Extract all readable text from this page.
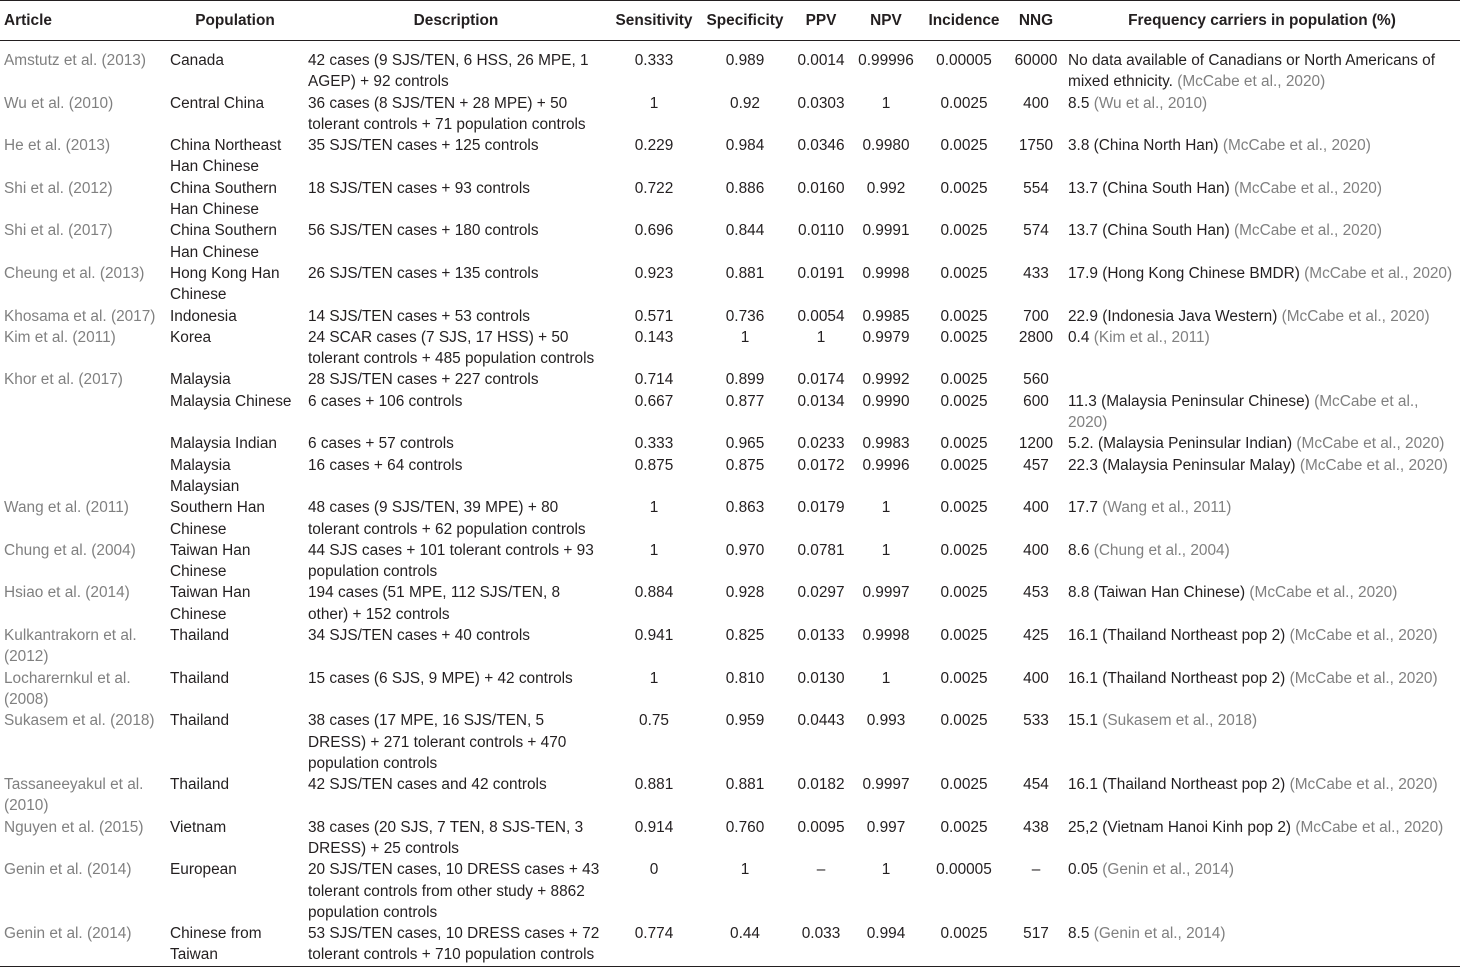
Article	Population	Description	Sensitivity	Specificity	PPV	NPV	Incidence	NNG	Frequency carriers in population (%)
Amstutz et al. (2013)	Canada	42 cases (9 SJS/TEN, 6 HSS, 26 MPE, 1 AGEP) + 92 controls	0.333	0.989	0.0014	0.99996	0.00005	60000	No data available of Canadians or North Americans of mixed ethnicity. (McCabe et al., 2020)
Wu et al. (2010)	Central China	36 cases (8 SJS/TEN + 28 MPE) + 50 tolerant controls + 71 population controls	1	0.92	0.0303	1	0.0025	400	8.5 (Wu et al., 2010)
He et al. (2013)	China Northeast Han Chinese	35 SJS/TEN cases + 125 controls	0.229	0.984	0.0346	0.9980	0.0025	1750	3.8 (China North Han) (McCabe et al., 2020)
Shi et al. (2012)	China Southern Han Chinese	18 SJS/TEN cases + 93 controls	0.722	0.886	0.0160	0.992	0.0025	554	13.7 (China South Han) (McCabe et al., 2020)
Shi et al. (2017)	China Southern Han Chinese	56 SJS/TEN cases + 180 controls	0.696	0.844	0.0110	0.9991	0.0025	574	13.7 (China South Han) (McCabe et al., 2020)
Cheung et al. (2013)	Hong Kong Han Chinese	26 SJS/TEN cases + 135 controls	0.923	0.881	0.0191	0.9998	0.0025	433	17.9 (Hong Kong Chinese BMDR) (McCabe et al., 2020)
Khosama et al. (2017)	Indonesia	14 SJS/TEN cases + 53 controls	0.571	0.736	0.0054	0.9985	0.0025	700	22.9 (Indonesia Java Western) (McCabe et al., 2020)
Kim et al. (2011)	Korea	24 SCAR cases (7 SJS, 17 HSS) + 50 tolerant controls + 485 population controls	0.143	1	1	0.9979	0.0025	2800	0.4 (Kim et al., 2011)
Khor et al. (2017)	Malaysia	28 SJS/TEN cases + 227 controls	0.714	0.899	0.0174	0.9992	0.0025	560	
	Malaysia Chinese	6 cases + 106 controls	0.667	0.877	0.0134	0.9990	0.0025	600	11.3 (Malaysia Peninsular Chinese) (McCabe et al., 2020)
	Malaysia Indian	6 cases + 57 controls	0.333	0.965	0.0233	0.9983	0.0025	1200	5.2. (Malaysia Peninsular Indian) (McCabe et al., 2020)
	Malaysia Malaysian	16 cases + 64 controls	0.875	0.875	0.0172	0.9996	0.0025	457	22.3 (Malaysia Peninsular Malay) (McCabe et al., 2020)
Wang et al. (2011)	Southern Han Chinese	48 cases (9 SJS/TEN, 39 MPE) + 80 tolerant controls + 62 population controls	1	0.863	0.0179	1	0.0025	400	17.7 (Wang et al., 2011)
Chung et al. (2004)	Taiwan Han Chinese	44 SJS cases + 101 tolerant controls + 93 population controls	1	0.970	0.0781	1	0.0025	400	8.6 (Chung et al., 2004)
Hsiao et al. (2014)	Taiwan Han Chinese	194 cases (51 MPE, 112 SJS/TEN, 8 other) + 152 controls	0.884	0.928	0.0297	0.9997	0.0025	453	8.8 (Taiwan Han Chinese) (McCabe et al., 2020)
Kulkantrakorn et al. (2012)	Thailand	34 SJS/TEN cases + 40 controls	0.941	0.825	0.0133	0.9998	0.0025	425	16.1 (Thailand Northeast pop 2) (McCabe et al., 2020)
Locharernkul et al. (2008)	Thailand	15 cases (6 SJS, 9 MPE) + 42 controls	1	0.810	0.0130	1	0.0025	400	16.1 (Thailand Northeast pop 2) (McCabe et al., 2020)
Sukasem et al. (2018)	Thailand	38 cases (17 MPE, 16 SJS/TEN, 5 DRESS) + 271 tolerant controls + 470 population controls	0.75	0.959	0.0443	0.993	0.0025	533	15.1 (Sukasem et al., 2018)
Tassaneeyakul et al. (2010)	Thailand	42 SJS/TEN cases and 42 controls	0.881	0.881	0.0182	0.9997	0.0025	454	16.1 (Thailand Northeast pop 2) (McCabe et al., 2020)
Nguyen et al. (2015)	Vietnam	38 cases (20 SJS, 7 TEN, 8 SJS-TEN, 3 DRESS) + 25 controls	0.914	0.760	0.0095	0.997	0.0025	438	25,2 (Vietnam Hanoi Kinh pop 2) (McCabe et al., 2020)
Genin et al. (2014)	European	20 SJS/TEN cases, 10 DRESS cases + 43 tolerant controls from other study + 8862 population controls	0	1	–	1	0.00005	–	0.05 (Genin et al., 2014)
Genin et al. (2014)	Chinese from Taiwan	53 SJS/TEN cases, 10 DRESS cases + 72 tolerant controls + 710 population controls	0.774	0.44	0.033	0.994	0.0025	517	8.5 (Genin et al., 2014)
